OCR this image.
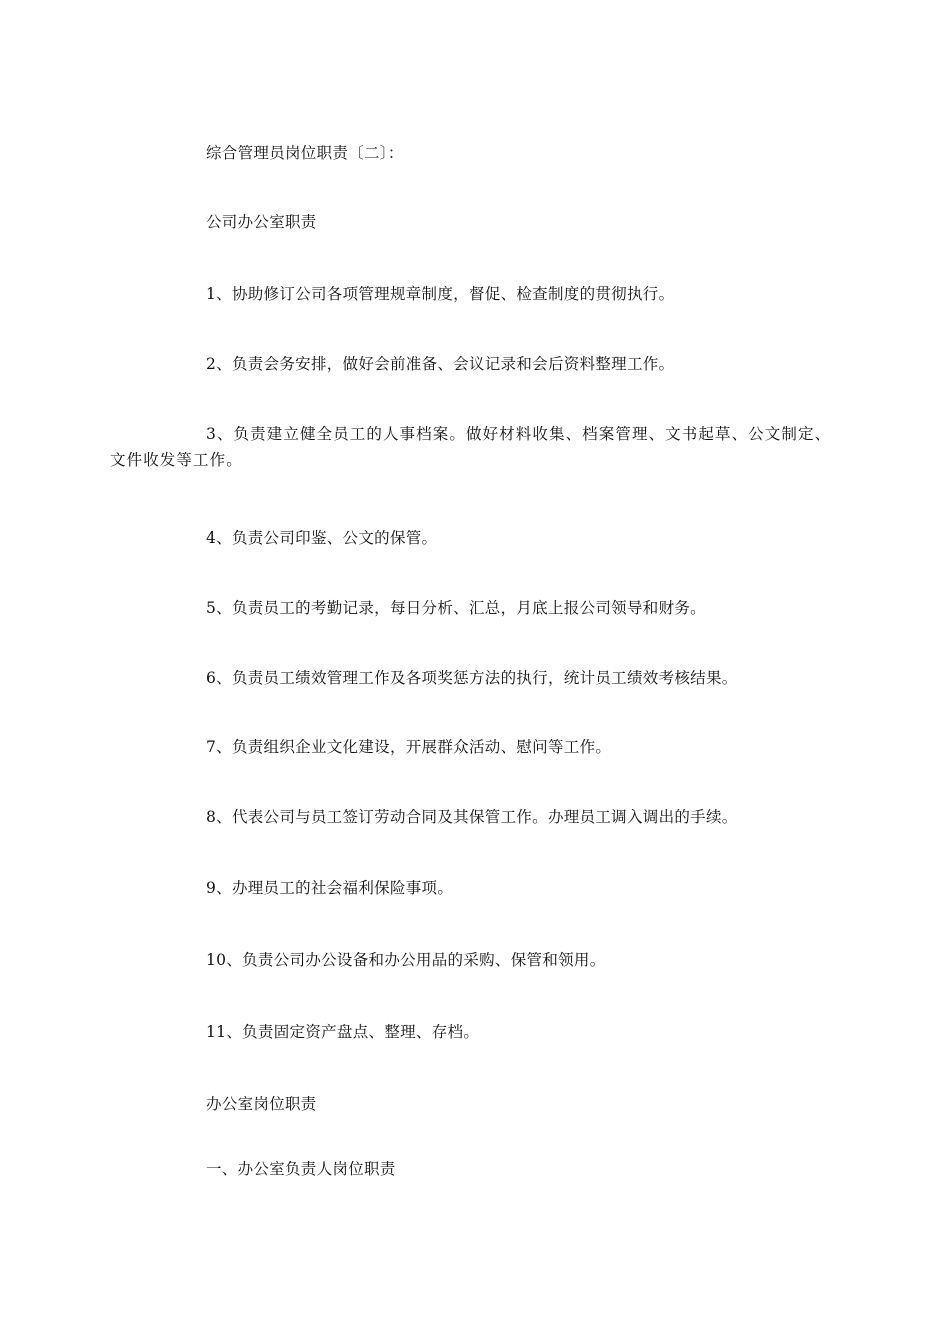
综合管理员岗位职责〔二〕：
公司办公室职责
1、协助修订公司各项管理规章制度，督促、检查制度的贯彻执行。
2、负责会务安排，做好会前准备、会议记录和会后资料整理工作。
3、负责建立健全员工的人事档案。做好材料收集、档案管理、文书起草、公文制定、文件收发等工作。
4、负责公司印鉴、公文的保管。
5、负责员工的考勤记录，每日分析、汇总，月底上报公司领导和财务。
6、负责员工绩效管理工作及各项奖惩方法的执行，统计员工绩效考核结果。
7、负责组织企业文化建设，开展群众活动、慰问等工作。
8、代表公司与员工签订劳动合同及其保管工作。办理员工调入调出的手续。
9、办理员工的社会福利保险事项。
10、负责公司办公设备和办公用品的采购、保管和领用。
11、负责固定资产盘点、整理、存档。
办公室岗位职责
一、办公室负责人岗位职责
